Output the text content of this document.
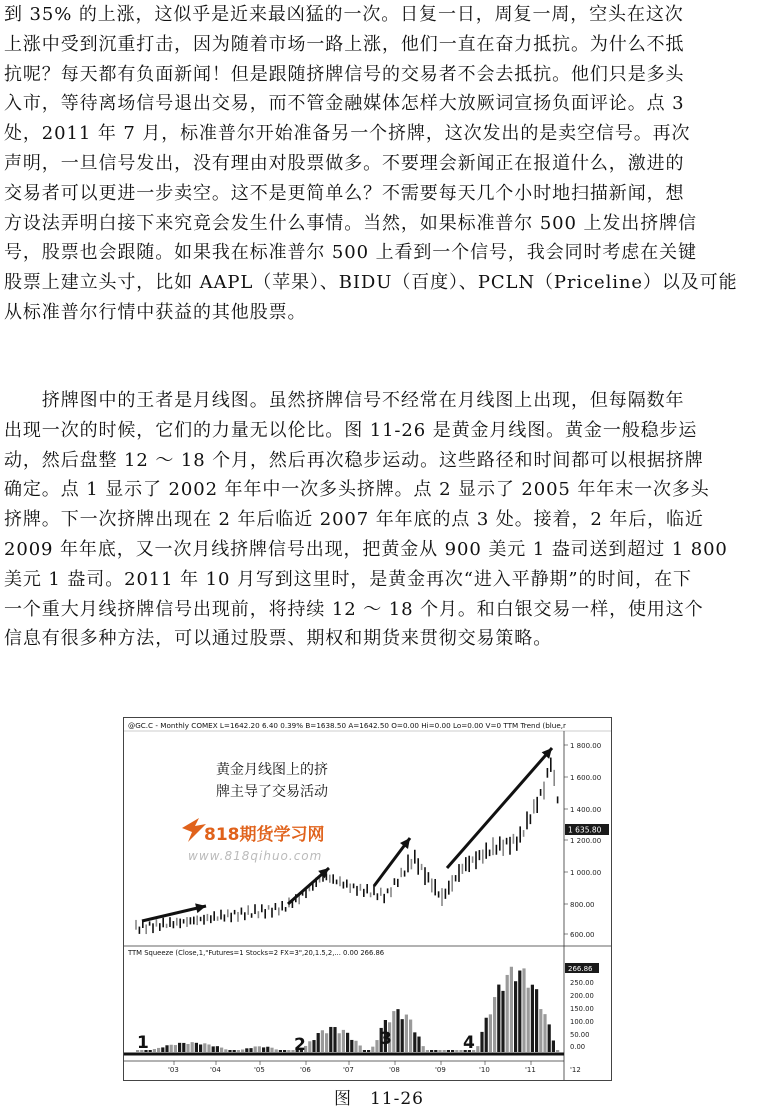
到 35% 的上涨，这似乎是近来最凶猛的一次。日复一日，周复一周，空头在这次
上涨中受到沉重打击，因为随着市场一路上涨，他们一直在奋力抵抗。为什么不抵
抗呢？每天都有负面新闻！但是跟随挤牌信号的交易者不会去抵抗。他们只是多头
入市，等待离场信号退出交易，而不管金融媒体怎样大放厥词宣扬负面评论。点 3
处，2011 年 7 月，标准普尔开始准备另一个挤牌，这次发出的是卖空信号。再次
声明，一旦信号发出，没有理由对股票做多。不要理会新闻正在报道什么，激进的
交易者可以更进一步卖空。这不是更简单么？不需要每天几个小时地扫描新闻，想
方设法弄明白接下来究竟会发生什么事情。当然，如果标准普尔 500 上发出挤牌信
号，股票也会跟随。如果我在标准普尔 500 上看到一个信号，我会同时考虑在关键
股票上建立头寸，比如 AAPL（苹果）、BIDU（百度）、PCLN（Priceline）以及可能
从标准普尔行情中获益的其他股票。
　　挤牌图中的王者是月线图。虽然挤牌信号不经常在月线图上出现，但每隔数年
出现一次的时候，它们的力量无以伦比。图 11-26 是黄金月线图。黄金一般稳步运
动，然后盘整 12 ～ 18 个月，然后再次稳步运动。这些路径和时间都可以根据挤牌
确定。点 1 显示了 2002 年年中一次多头挤牌。点 2 显示了 2005 年年末一次多头
挤牌。下一次挤牌出现在 2 年后临近 2007 年年底的点 3 处。接着，2 年后，临近
2009 年年底，又一次月线挤牌信号出现，把黄金从 900 美元 1 盎司送到超过 1 800
美元 1 盎司。2011 年 10 月写到这里时，是黄金再次“进入平静期”的时间，在下
一个重大月线挤牌信号出现前，将持续 12 ～ 18 个月。和白银交易一样，使用这个
信息有很多种方法，可以通过股票、期权和期货来贯彻交易策略。
@GC.C - Monthly COMEX L=1642.20 6.40 0.39% B=1638.50 A=1642.50 O=0.00 Hi=0.00 Lo=0.00 V=0 TTM Trend (blue,r
1 800.00
1 600.00
1 400.00
1 200.00
1 000.00
800.00
600.00
1 635.80
黄金月线图上的挤
牌主导了交易活动
818期货学习网
www.818qihuo.com
TTM Squeeze (Close,1,"Futures=1 Stocks=2 FX=3",20,1.5,2,... 0.00 266.86
250.00
200.00
150.00
100.00
50.00
0.00
266.86
1	2	3	4
'03	'04	'05	'06	'07	'08	'09	'10	'11	'12
图　11-26
